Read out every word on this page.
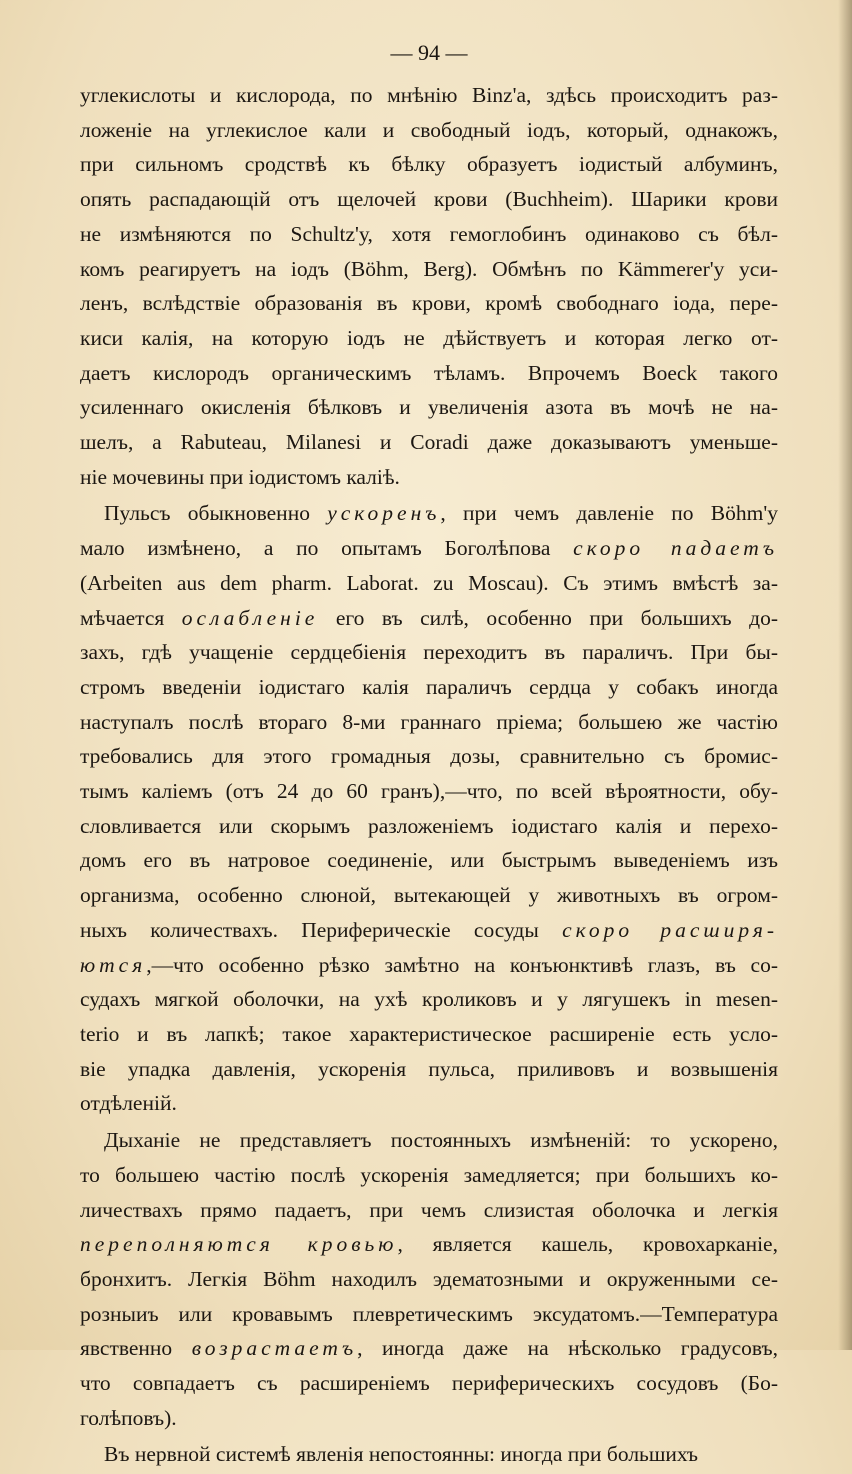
— 94 —
углекислоты и кислорода, по мнѣнію Binz'а, здѣсь происходитъ раз-
ложеніе на углекислое кали и свободный іодъ, который, однакожъ,
при сильномъ сродствѣ къ бѣлку образуетъ іодистый албуминъ,
опять распадающій отъ щелочей крови (Buchheim). Шарики крови
не измѣняются по Schultz'у, хотя гемоглобинъ одинаково съ бѣл-
комъ реагируетъ на іодъ (Böhm, Berg). Обмѣнъ по Kämmerer'у уси-
ленъ, вслѣдствіе образованія въ крови, кромѣ свободнаго іода, пере-
киси калія, на которую іодъ не дѣйствуетъ и которая легко от-
даетъ кислородъ органическимъ тѣламъ. Впрочемъ Boeck такого
усиленнаго окисленія бѣлковъ и увеличенія азота въ мочѣ не на-
шелъ, а Rabuteau, Milanesi и Coradi даже доказываютъ уменьше-
ніе мочевины при іодистомъ калiѣ.
Пульсъ обыкновенно ускоренъ, при чемъ давленіе по Böhm'у
мало измѣнено, а по опытамъ Боголѣпова скоро падаетъ
(Arbeiten aus dem pharm. Laborat. zu Moscau). Съ этимъ вмѣстѣ за-
мѣчается ослабленіе его въ силѣ, особенно при большихъ до-
захъ, гдѣ учащеніе сердцебіенія переходитъ въ параличъ. При бы-
стромъ введеніи іодистаго калія параличъ сердца у собакъ иногда
наступалъ послѣ втораго 8-ми граннаго пріема; большею же частію
требовались для этого громадныя дозы, сравнительно съ бромис-
тымъ каліемъ (отъ 24 до 60 гранъ),—что, по всей вѣроятности, обу-
словливается или скорымъ разложеніемъ іодистаго калія и перехо-
домъ его въ натровое соединеніе, или быстрымъ выведеніемъ изъ
организма, особенно слюной, вытекающей у животныхъ въ огром-
ныхъ количествахъ. Периферическіе сосуды скоро расширя-
ются,—что особенно рѣзко замѣтно на конъюнктивѣ глазъ, въ со-
судахъ мягкой оболочки, на ухѣ кроликовъ и у лягушекъ in mesen-
terio и въ лапкѣ; такое характеристическое расширеніе есть усло-
віе упадка давленія, ускоренія пульса, приливовъ и возвышенія
отдѣленій.
Дыханіе не представляетъ постоянныхъ измѣненій: то ускорено,
то большею частію послѣ ускоренія замедляется; при большихъ ко-
личествахъ прямо падаетъ, при чемъ слизистая оболочка и легкія
переполняются кровью, является кашель, кровохарканіе,
бронхитъ. Легкія Böhm находилъ эдематозными и окруженными се-
розныиъ или кровавымъ плевретическимъ эксудатомъ.—Температура
явственно возрастаетъ, иногда даже на нѣсколько градусовъ,
что совпадаетъ съ расширеніемъ периферическихъ сосудовъ (Бо-
голѣповъ).
Въ нервной системѣ явленія непостоянны: иногда при большихъ
